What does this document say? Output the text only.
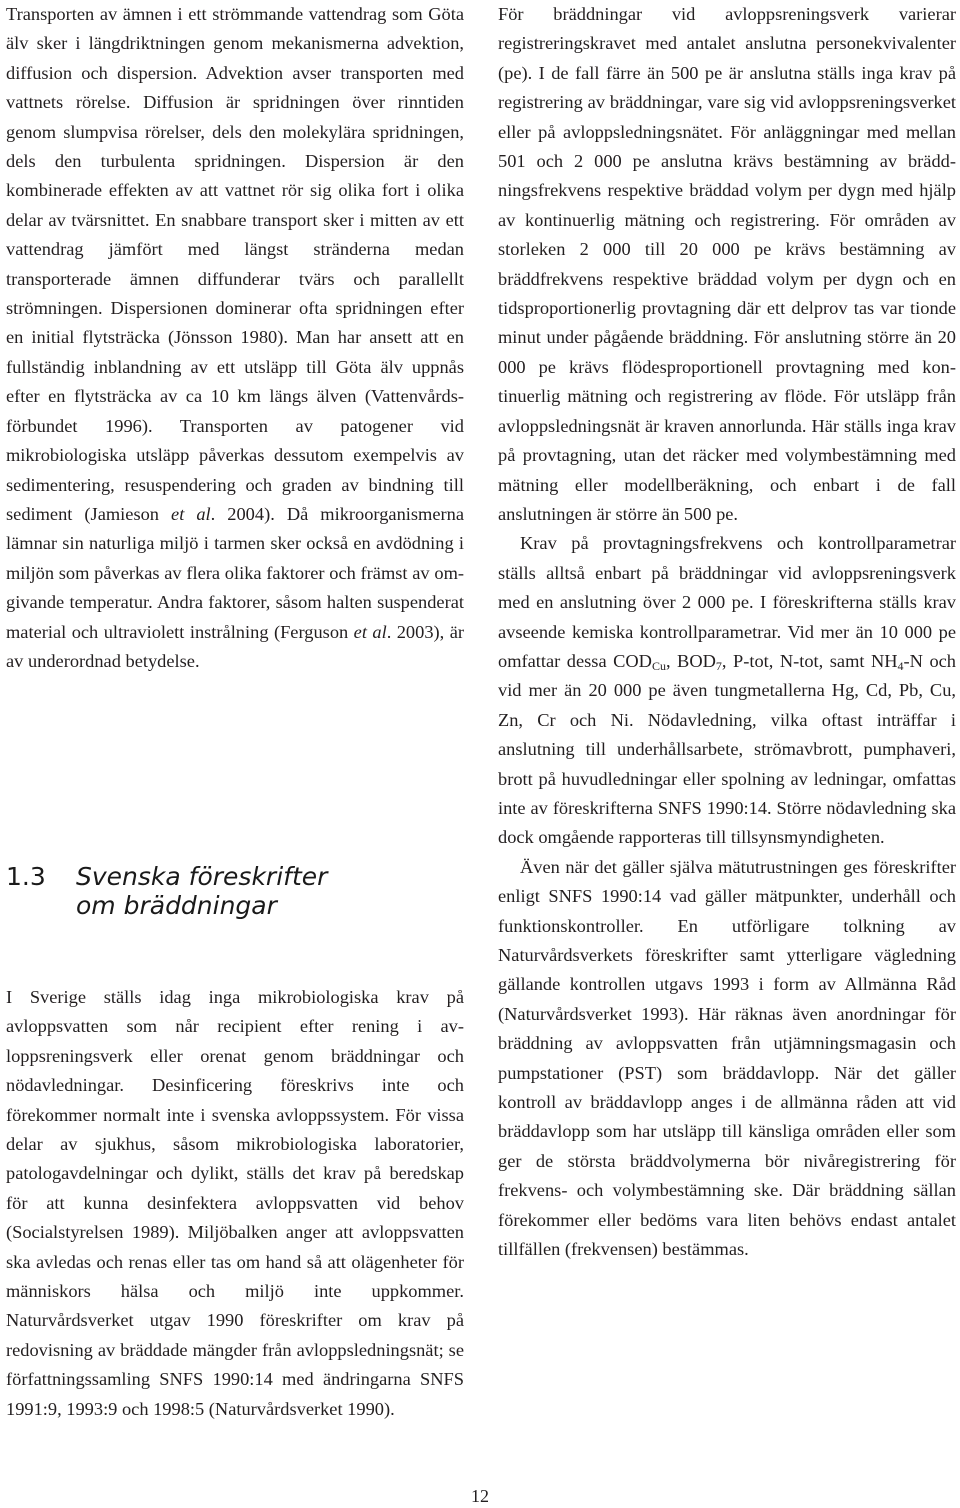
Transporten av ämnen i ett strömmande vattendrag som Göta älv sker i längdriktningen genom mekanismerna advektion, diffusion och dispersion. Advektion avser transporten med vattnets rörelse. Diffusion är spridningen över rinntiden genom slumpvisa rörelser, dels den molekylära spridningen, dels den turbulenta spridningen. Dispersion är den kombinerade effekten av att vattnet rör sig olika fort i olika delar av tvärsnittet. En snabbare transport sker i mitten av ett vattendrag jämfört med längst stränderna medan transporterade ämnen diffunderar tvärs och parallellt strömningen. Dispersionen dominerar ofta spridningen efter en initial flytsträcka (Jönsson 1980). Man har ansett att en fullständig inblandning av ett utsläpp till Göta älv uppnås efter en flytsträcka av ca 10 km längs älven (Vattenvårdsförbundet 1996). Transporten av patogener vid mikrobiologiska utsläpp påverkas dessutom exempelvis av sedimentering, resuspendering och graden av bindning till sediment (Jamieson et al. 2004). Då mikroorganismerna lämnar sin naturliga miljö i tarmen sker också en avdödning i miljön som påverkas av flera olika faktorer och främst av omgivande temperatur. Andra faktorer, såsom halten suspenderat material och ultraviolett instrålning (Ferguson et al. 2003), är av underordnad betydelse.

1.3	Svenska föreskrifter
om bräddningar

I Sverige ställs idag inga mikrobiologiska krav på avloppsvatten som når recipient efter rening i avloppsreningsverk eller orenat genom bräddningar och nödavledningar. Desinficering föreskrivs inte och förekommer normalt inte i svenska avloppssystem. För vissa delar av sjukhus, såsom mikrobiologiska laboratorier, patologavdelningar och dylikt, ställs det krav på beredskap för att kunna desinfektera avloppsvatten vid behov (Socialstyrelsen 1989). Miljöbalken anger att avloppsvatten ska avledas och renas eller tas om hand så att olägenheter för människors hälsa och miljö inte uppkommer. Naturvårdsverket utgav 1990 föreskrifter om krav på redovisning av bräddade mängder från avloppsledningsnät; se författningssamling SNFS 1990:14 med ändringarna SNFS 1991:9, 1993:9 och 1998:5 (Naturvårdsverket 1990).

För bräddningar vid avloppsreningsverk varierar registreringskravet med antalet anslutna personekvivalenter (pe). I de fall färre än 500 pe är anslutna ställs inga krav på registrering av bräddningar, vare sig vid avloppsreningsverket eller på avloppsledningsnätet. För anläggningar med mellan 501 och 2 000 pe anslutna krävs bestämning av bräddningsfrekvens respektive bräddad volym per dygn med hjälp av kontinuerlig mätning och registrering. För områden av storleken 2 000 till 20 000 pe krävs bestämning av bräddfrekvens respektive bräddad volym per dygn och en tidsproportionerlig provtagning där ett delprov tas var tionde minut under pågående bräddning. För anslutning större än 20 000 pe krävs flödesproportionell provtagning med kontinuerlig mätning och registrering av flöde. För utsläpp från avloppsledningsnät är kraven annorlunda. Här ställs inga krav på provtagning, utan det räcker med volymbestämning med mätning eller modellberäkning, och enbart i de fall anslutningen är större än 500 pe.

Krav på provtagningsfrekvens och kontrollparametrar ställs alltså enbart på bräddningar vid avloppsreningsverk med en anslutning över 2 000 pe. I föreskrifterna ställs krav avseende kemiska kontrollparametrar. Vid mer än 10 000 pe omfattar dessa $COD_{Cu}$, $BOD_7$, P-tot, N-tot, samt $NH_4-N$ och vid mer än 20 000 pe även tungmetallerna Hg, Cd, Pb, Cu, Zn, Cr och Ni. Nödavledning, vilka oftast inträffar i anslutning till underhållsarbete, strömavbrott, pumphaveri, brott på huvudledningar eller spolning av ledningar, omfattas inte av föreskrifterna SNFS 1990:14. Större nödavledning ska dock omgående rapporteras till tillsynsmyndigheten.

Även när det gäller själva mätutrustningen ges föreskrifter enligt SNFS 1990:14 vad gäller mätpunkter, underhåll och funktionskontroller. En utförligare tolkning av Naturvårdsverkets föreskrifter samt ytterligare vägledning gällande kontrollen utgavs 1993 i form av Allmänna Råd (Naturvårdsverket 1993). Här räknas även anordningar för bräddning av avloppsvatten från utjämningsmagasin och pumpstationer (PST) som bräddavlopp. När det gäller kontroll av bräddavlopp anges i de allmänna råden att vid bräddavlopp som har utsläpp till känsliga områden eller som ger de största bräddvolymerna bör nivåregistrering för frekvens- och volymbestämning ske. Där bräddning sällan förekommer eller bedöms vara liten behövs endast antalet tillfällen (frekvensen) bestämmas.

12
